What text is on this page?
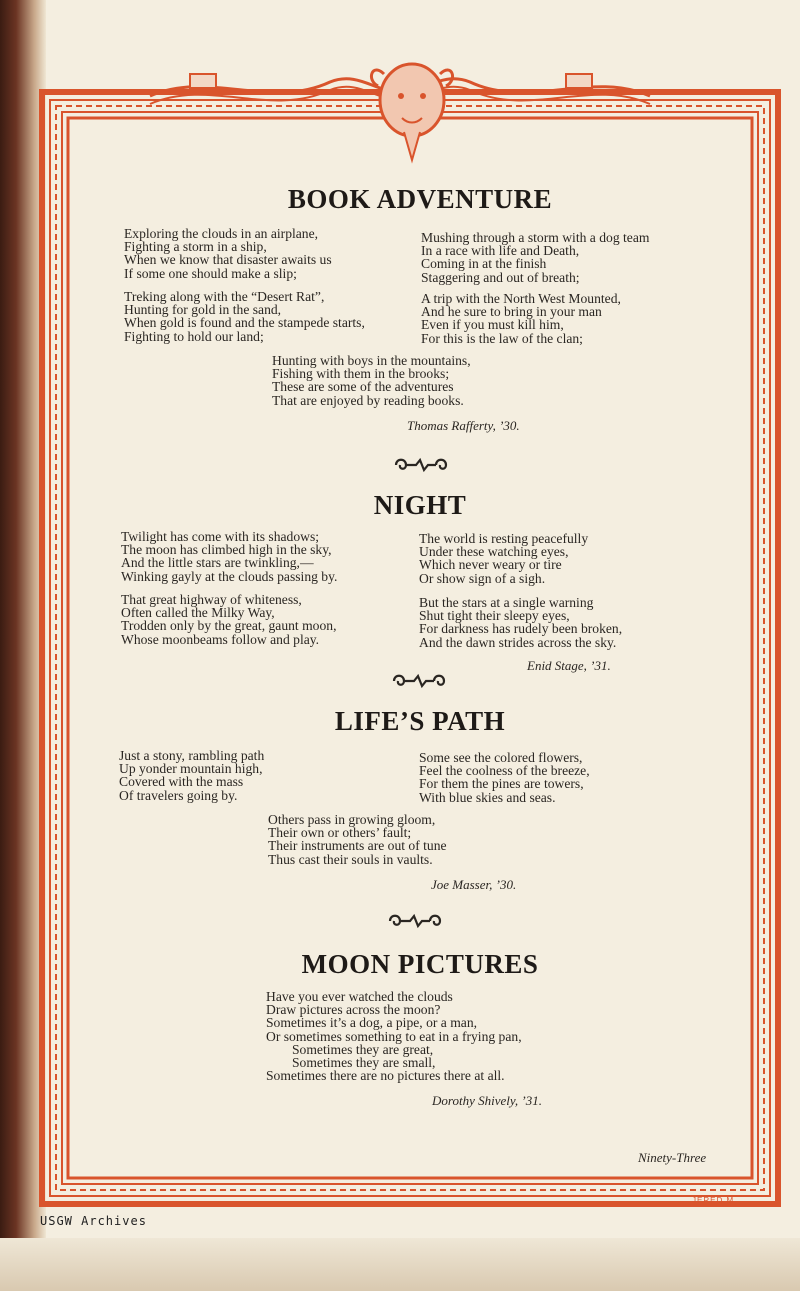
BOOK ADVENTURE
Exploring the clouds in an airplane,
Fighting a storm in a ship,
When we know that disaster awaits us
If some one should make a slip;
Treking along with the “Desert Rat”,
Hunting for gold in the sand,
When gold is found and the stampede starts,
Fighting to hold our land;
Mushing through a storm with a dog team
In a race with life and Death,
Coming in at the finish
Staggering and out of breath;
A trip with the North West Mounted,
And he sure to bring in your man
Even if you must kill him,
For this is the law of the clan;
Hunting with boys in the mountains,
Fishing with them in the brooks;
These are some of the adventures
That are enjoyed by reading books.
Thomas Rafferty, ’30.
NIGHT
Twilight has come with its shadows;
The moon has climbed high in the sky,
And the little stars are twinkling,—
Winking gayly at the clouds passing by.
That great highway of whiteness,
Often called the Milky Way,
Trodden only by the great, gaunt moon,
Whose moonbeams follow and play.
The world is resting peacefully
Under these watching eyes,
Which never weary or tire
Or show sign of a sigh.
But the stars at a single warning
Shut tight their sleepy eyes,
For darkness has rudely been broken,
And the dawn strides across the sky.
Enid Stage, ’31.
LIFE’S PATH
Just a stony, rambling path
Up yonder mountain high,
Covered with the mass
Of travelers going by.
Some see the colored flowers,
Feel the coolness of the breeze,
For them the pines are towers,
With blue skies and seas.
Others pass in growing gloom,
Their own or others’ fault;
Their instruments are out of tune
Thus cast their souls in vaults.
Joe Masser, ’30.
MOON PICTURES
Have you ever watched the clouds
Draw pictures across the moon?
Sometimes it’s a dog, a pipe, or a man,
Or sometimes something to eat in a frying pan,
Sometimes they are great,
Sometimes they are small,
Sometimes there are no pictures there at all.
Dorothy Shively, ’31.
Ninety-Three
JERED M
USGW Archives
